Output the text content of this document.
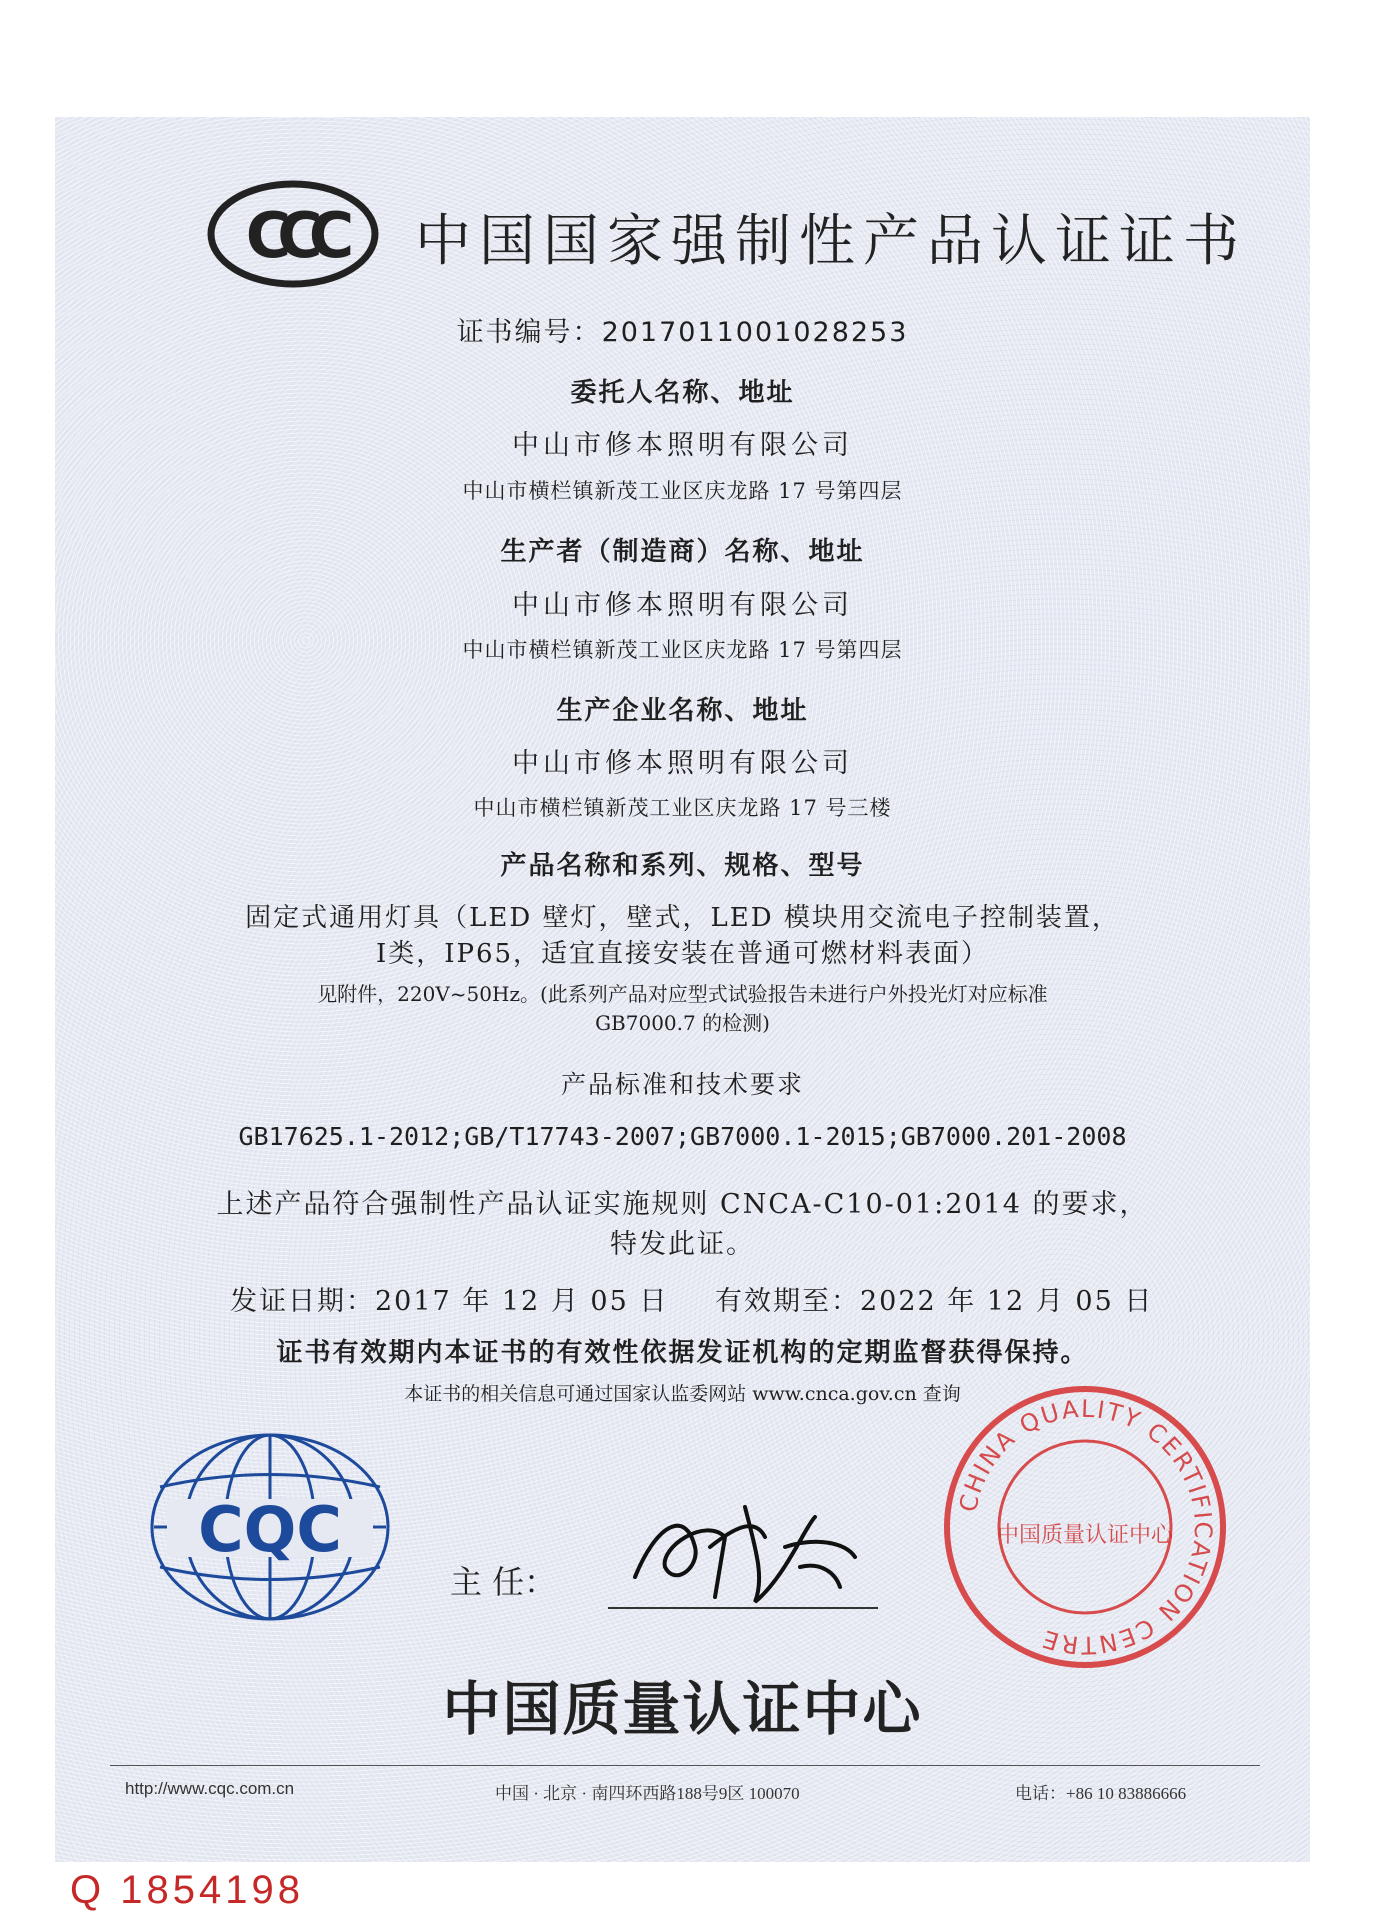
CCC 中国国家强制性产品认证证书
证书编号：2017011001028253
委托人名称、地址
中山市修本照明有限公司
中山市横栏镇新茂工业区庆龙路 17 号第四层
生产者（制造商）名称、地址
中山市修本照明有限公司
中山市横栏镇新茂工业区庆龙路 17 号第四层
生产企业名称、地址
中山市修本照明有限公司
中山市横栏镇新茂工业区庆龙路 17 号三楼
产品名称和系列、规格、型号
固定式通用灯具（LED 壁灯，壁式，LED 模块用交流电子控制装置，
Ⅰ类，IP65，适宜直接安装在普通可燃材料表面）
见附件，220V~50Hz。(此系列产品对应型式试验报告未进行户外投光灯对应标准
GB7000.7 的检测)
产品标准和技术要求
GB17625.1-2012;GB/T17743-2007;GB7000.1-2015;GB7000.201-2008
上述产品符合强制性产品认证实施规则 CNCA-C10-01:2014 的要求，
特发此证。
发证日期：2017 年 12 月 05 日 有效期至：2022 年 12 月 05 日
证书有效期内本证书的有效性依据发证机构的定期监督获得保持。
本证书的相关信息可通过国家认监委网站 www.cnca.gov.cn 查询
CQC
主 任：
CHINA QUALITY CERTIFICATION CENTRE
中国质量认证中心
中国质量认证中心
http://www.cqc.com.cn	中国 · 北京 · 南四环西路188号9区 100070	电话：+86 10 83886666
Q 1854198
